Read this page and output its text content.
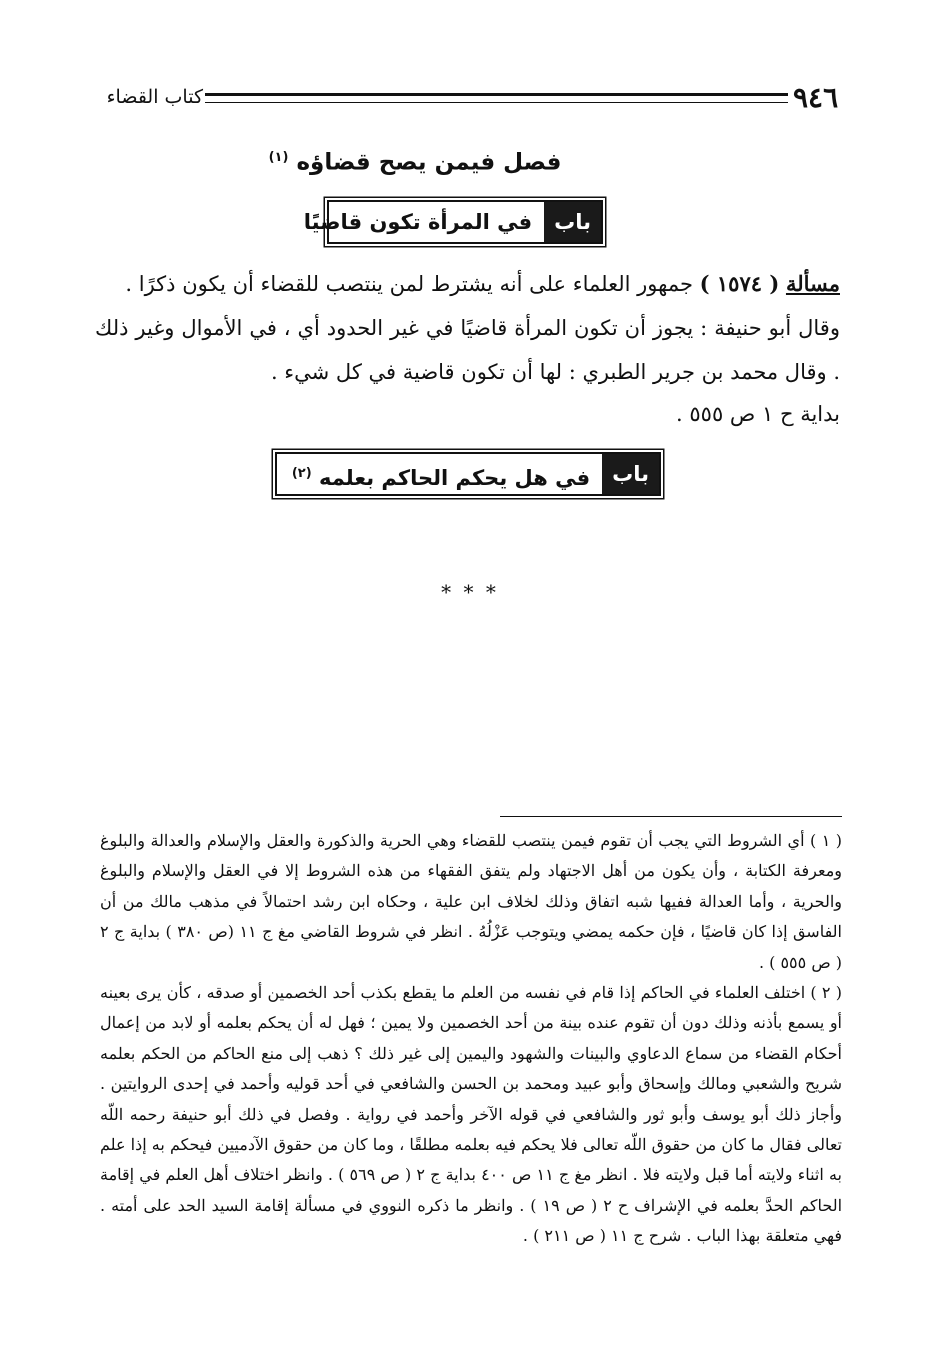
٩٤٦
كتاب القضاء
فصل فيمن يصح قضاؤه $^{(١)}$
باب
في المرأة تكون قاضيًا
مسألة ( ١٥٧٤ ) جمهور العلماء على أنه يشترط لمن ينتصب للقضاء أن يكون ذكرًا .
وقال أبو حنيفة : يجوز أن تكون المرأة قاضيًا في غير الحدود أي ، في الأموال وغير ذلك . وقال محمد بن جرير الطبري : لها أن تكون قاضية في كل شيء .
بداية ح ١ ص ٥٥٥ .
باب
في هل يحكم الحاكم بعلمه $^{(٢)}$
* * *

( ١ ) أي الشروط التي يجب أن تقوم فيمن ينتصب للقضاء وهي الحرية والذكورة والعقل والإسلام والعدالة والبلوغ ومعرفة الكتابة ، وأن يكون من أهل الاجتهاد ولم يتفق الفقهاء من هذه الشروط إلا في العقل والإسلام والبلوغ والحرية ، وأما العدالة ففيها شبه اتفاق وذلك لخلاف ابن علية ، وحكاه ابن رشد احتمالاً في مذهب مالك من أن الفاسق إذا كان قاضيًا ، فإن حكمه يمضي ويتوجب عَزْلُهُ . انظر في شروط القاضي مغ ج ١١ (ص ٣٨٠ ) بداية ج ٢ ( ص ٥٥٥ ) .

( ٢ ) اختلف العلماء في الحاكم إذا قام في نفسه من العلم ما يقطع بكذب أحد الخصمين أو صدقه ، كأن يرى بعينه أو يسمع بأذنه وذلك دون أن تقوم عنده بينة من أحد الخصمين ولا يمين ؛ فهل له أن يحكم بعلمه أو لابد من إعمال أحكام القضاء من سماع الدعاوي والبينات والشهود واليمين إلى غير ذلك ؟ ذهب إلى منع الحاكم من الحكم بعلمه شريح والشعبي ومالك وإسحاق وأبو عبيد ومحمد بن الحسن والشافعي في أحد قوليه وأحمد في إحدى الروايتين . وأجاز ذلك أبو يوسف وأبو ثور والشافعي في قوله الآخر وأحمد في رواية . وفصل في ذلك أبو حنيفة رحمه اللّه تعالى فقال ما كان من حقوق اللّه تعالى فلا يحكم فيه بعلمه مطلقًا ، وما كان من حقوق الآدميين فيحكم به إذا علم به اثناء ولايته أما قبل ولايته فلا . انظر مغ ج ١١ ص ٤٠٠ بداية ج ٢ ( ص ٥٦٩ ) . وانظر اختلاف أهل العلم في إقامة الحاكم الحدَّ بعلمه في الإشراف ح ٢ ( ص ١٩ ) . وانظر ما ذكره النووي في مسألة إقامة السيد الحد على أمته . فهي متعلقة بهذا الباب . شرح ج ١١ ( ص ٢١١ ) .
